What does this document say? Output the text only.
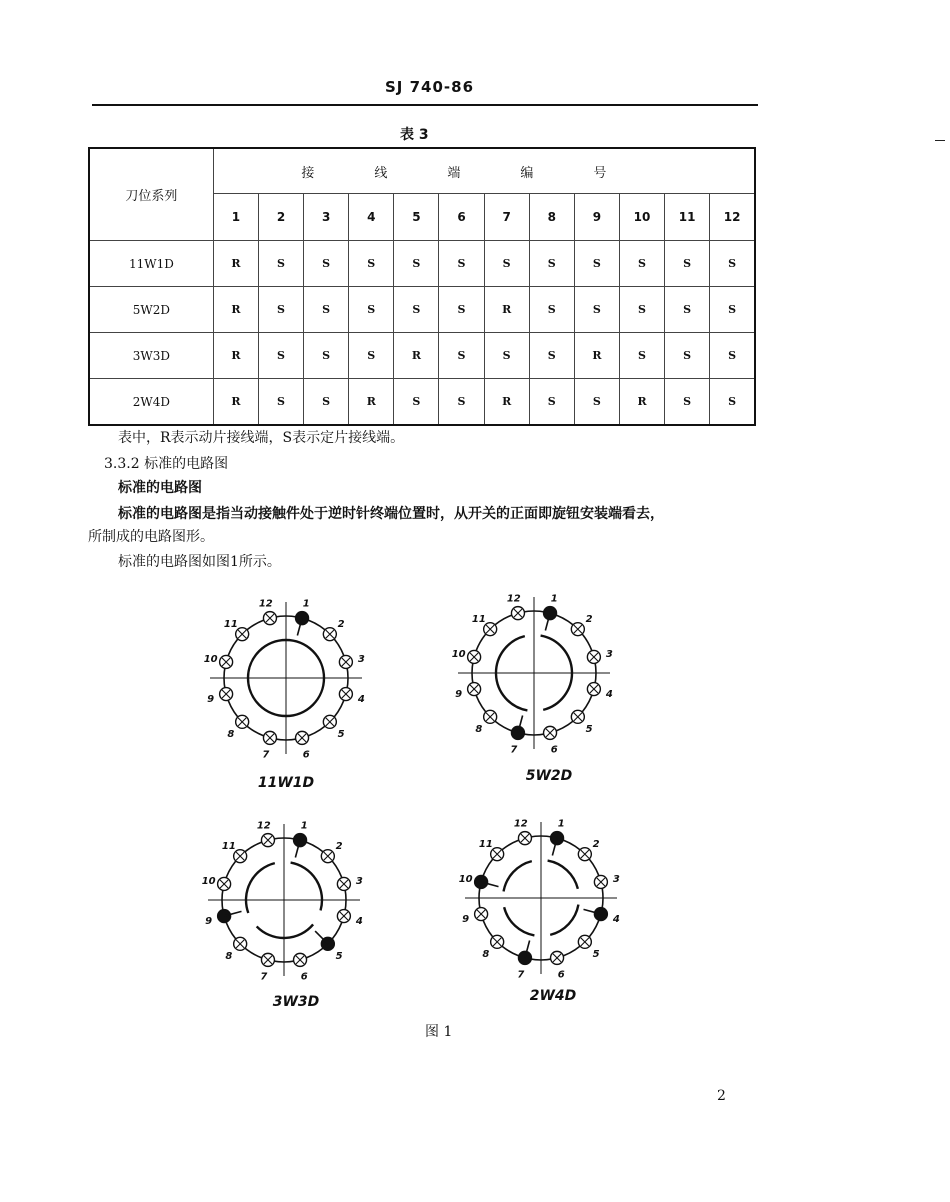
SJ 740-86
表 3
刀位系列	接线端编号											
	1	2	3	4	5	6	7	8	9	10	11	12
11W1D	R	S	S	S	S	S	S	S	S	S	S	S
5W2D	R	S	S	S	S	S	R	S	S	S	S	S
3W3D	R	S	S	S	R	S	S	S	R	S	S	S
2W4D	R	S	S	R	S	S	R	S	S	R	S	S
表中，R表示动片接线端，S表示定片接线端。
3.3.2 标准的电路图
标准的电路图
标准的电路图是指当动接触件处于逆时针终端位置时，从开关的正面即旋钮安装端看去，
所制成的电路图形。
标准的电路图如图1所示。
1
2
3
4
5
6
7
8
9
10
11
12
11W1D
1
2
3
4
5
6
7
8
9
10
11
12
5W2D
1
2
3
4
5
6
7
8
9
10
11
12
3W3D
1
2
3
4
5
6
7
8
9
10
11
12
2W4D
图 1
2
